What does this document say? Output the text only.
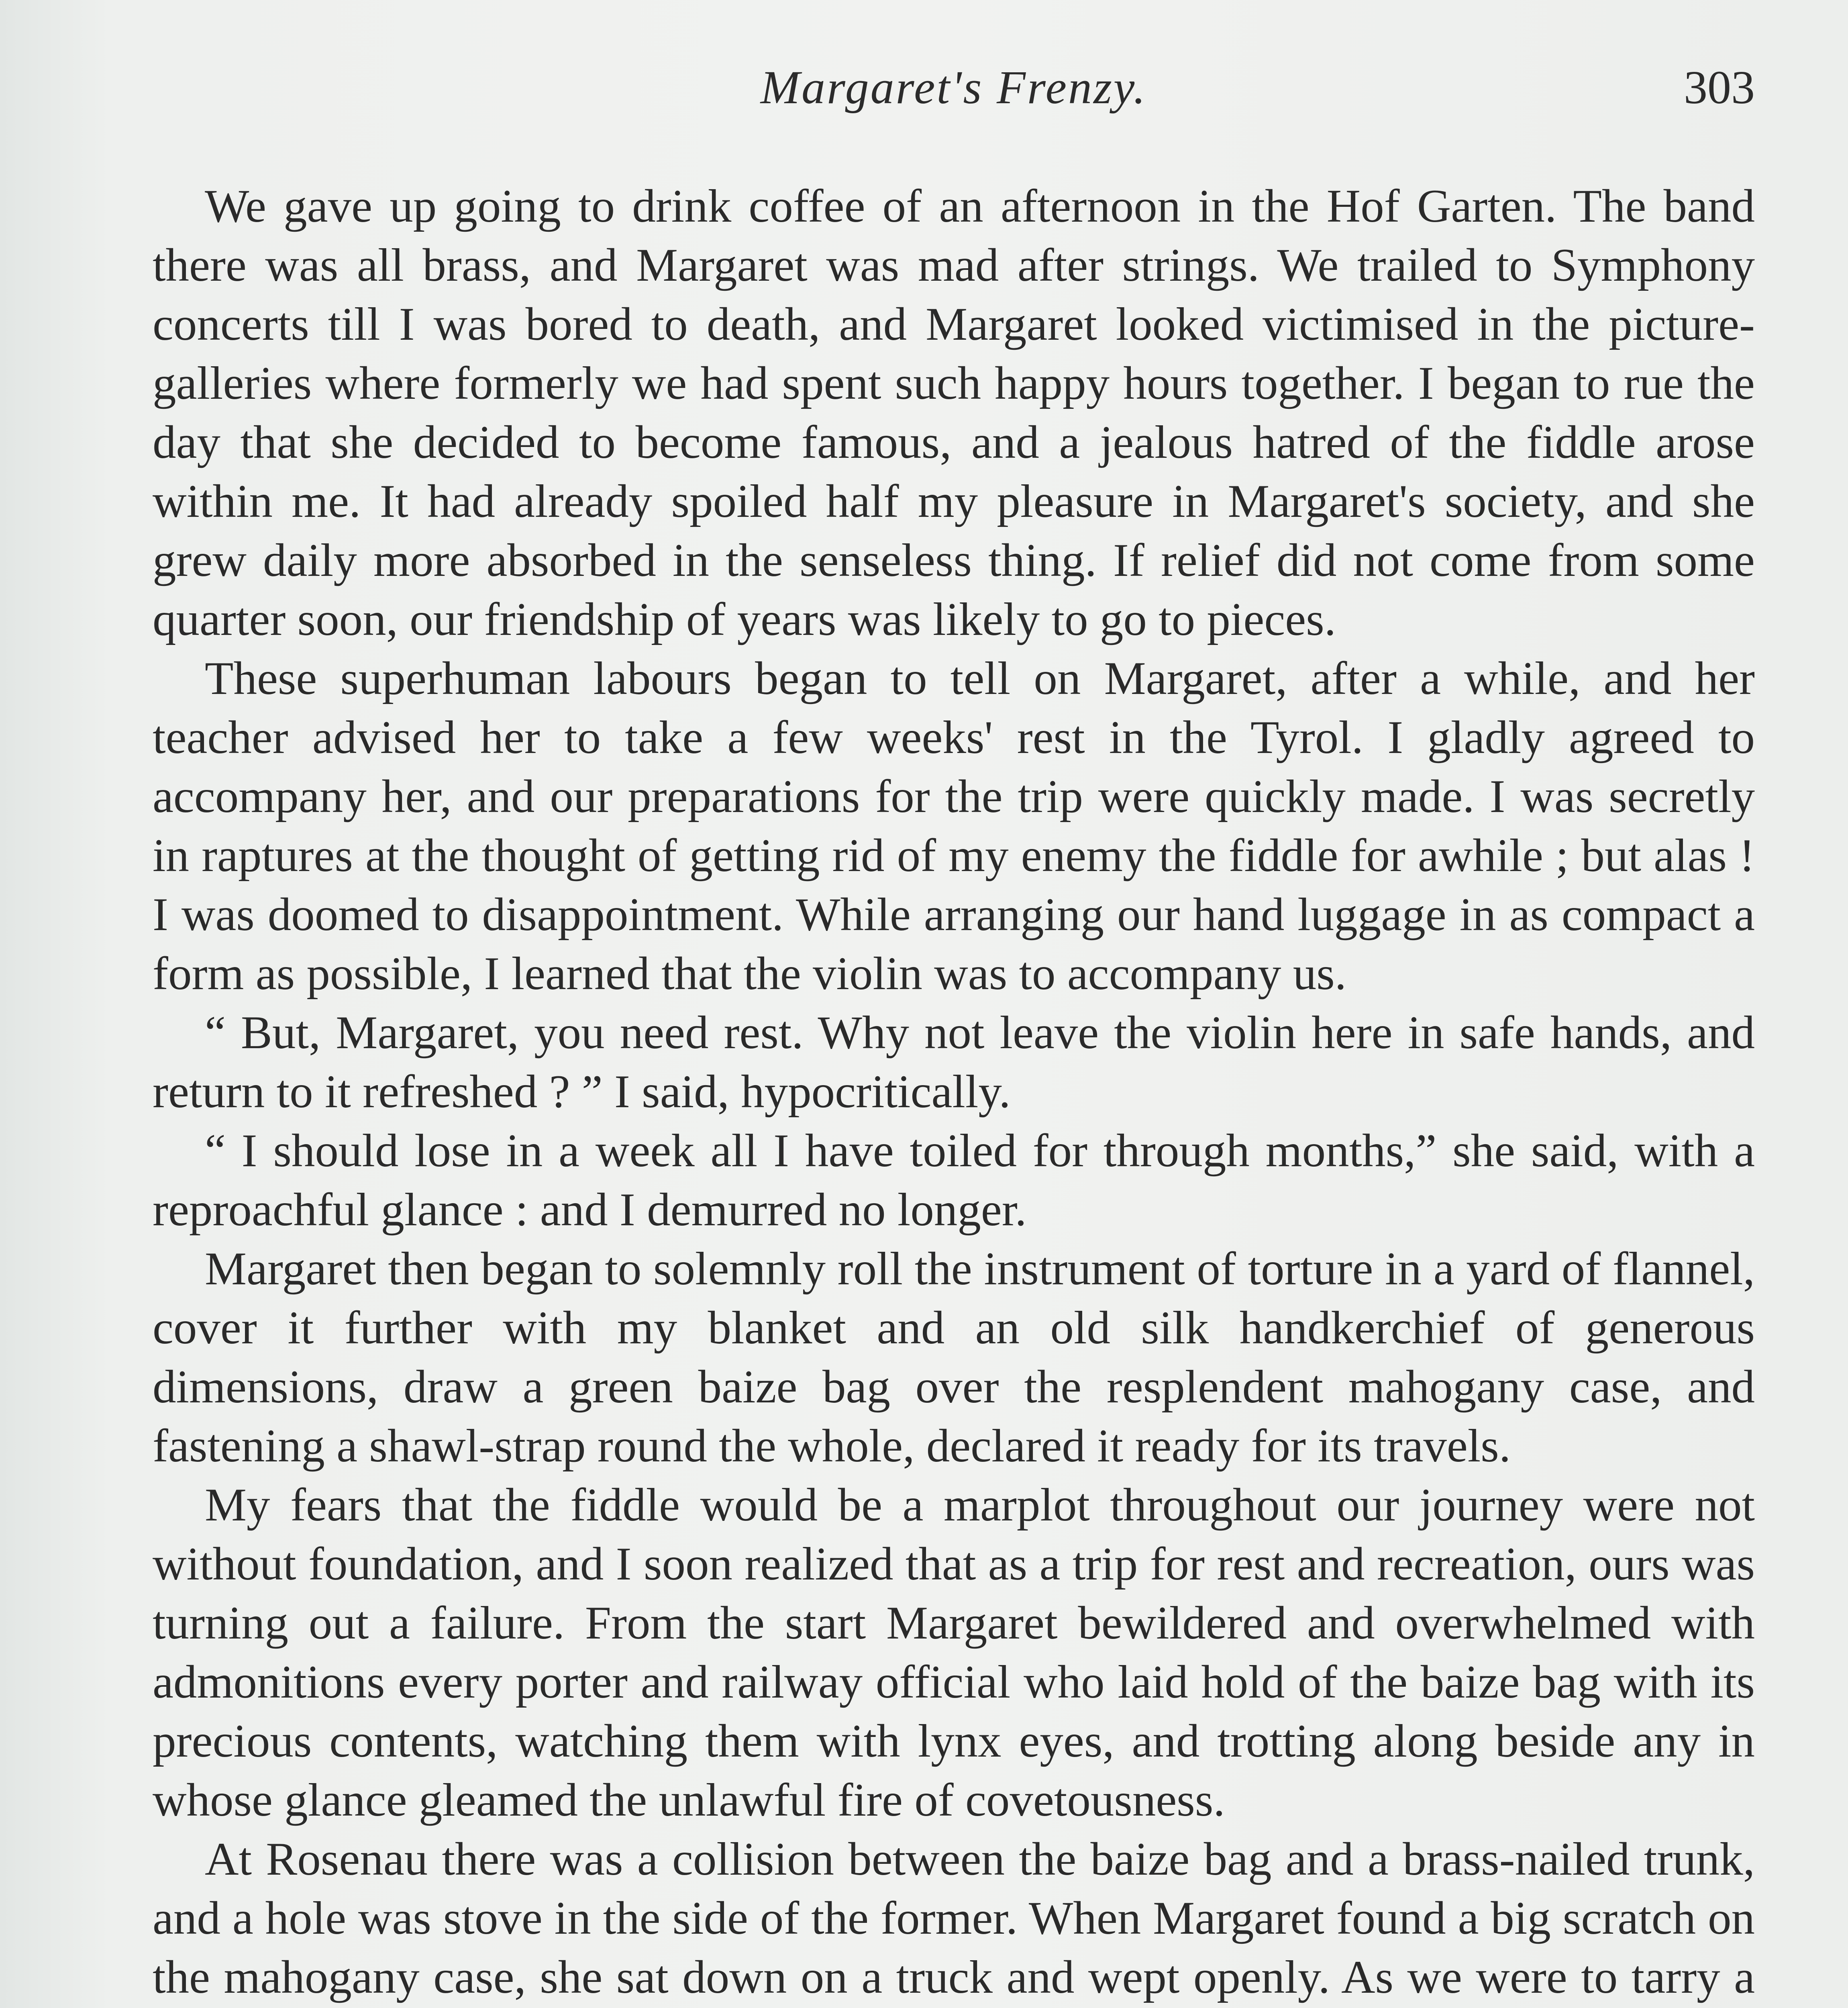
Margaret's Frenzy.	303

We gave up going to drink coffee of an afternoon in the Hof Garten. The band there was all brass, and Margaret was mad after strings. We trailed to Symphony concerts till I was bored to death, and Margaret looked victimised in the picture-galleries where formerly we had spent such happy hours together. I began to rue the day that she decided to become famous, and a jealous hatred of the fiddle arose within me. It had already spoiled half my pleasure in Margaret's society, and she grew daily more absorbed in the senseless thing. If relief did not come from some quarter soon, our friendship of years was likely to go to pieces.

These superhuman labours began to tell on Margaret, after a while, and her teacher advised her to take a few weeks' rest in the Tyrol. I gladly agreed to accompany her, and our preparations for the trip were quickly made. I was secretly in raptures at the thought of getting rid of my enemy the fiddle for awhile ; but alas ! I was doomed to disappointment. While arranging our hand luggage in as compact a form as possible, I learned that the violin was to accompany us.

“ But, Margaret, you need rest. Why not leave the violin here in safe hands, and return to it refreshed ? ” I said, hypocritically.

“ I should lose in a week all I have toiled for through months,” she said, with a reproachful glance : and I demurred no longer.

Margaret then began to solemnly roll the instrument of torture in a yard of flannel, cover it further with my blanket and an old silk handkerchief of generous dimensions, draw a green baize bag over the resplendent mahogany case, and fastening a shawl-strap round the whole, declared it ready for its travels.

My fears that the fiddle would be a marplot throughout our journey were not without foundation, and I soon realized that as a trip for rest and recreation, ours was turning out a failure. From the start Margaret bewildered and overwhelmed with admonitions every porter and railway official who laid hold of the baize bag with its precious contents, watching them with lynx eyes, and trotting along beside any in whose glance gleamed the unlawful fire of covetousness.

At Rosenau there was a collision between the baize bag and a brass-nailed trunk, and a hole was stove in the side of the former. When Margaret found a big scratch on the mahogany case, she sat down on a truck and wept openly. As we were to tarry a
